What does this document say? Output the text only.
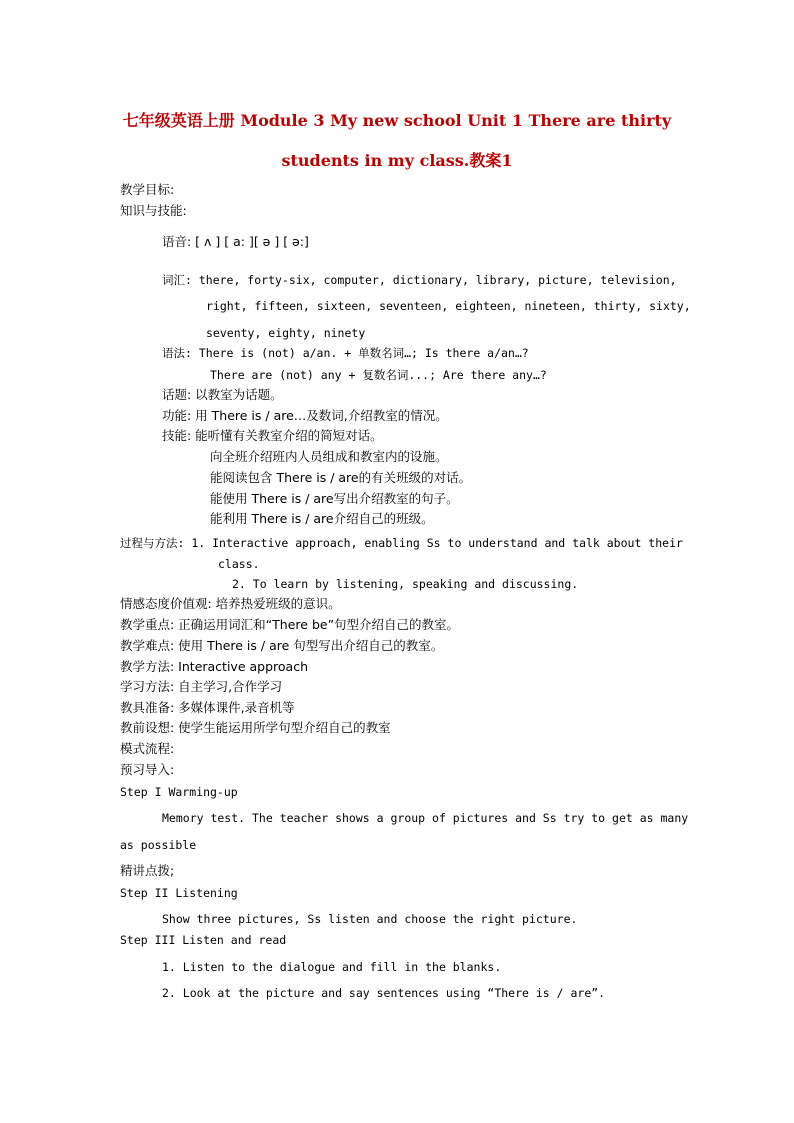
七年级英语上册 Module 3 My new school Unit 1 There are thirty
students in my class.教案1
教学目标:
知识与技能:
语音: [ ʌ ] [ a: ][ ə ] [ ə:]
词汇: there, forty-six, computer, dictionary, library, picture, television,
right, fifteen, sixteen, seventeen, eighteen, nineteen, thirty, sixty,
seventy, eighty, ninety
语法: There is (not) a/an. + 单数名词…; Is there a/an…?
There are (not) any + 复数名词...; Are there any…?
话题: 以教室为话题。
功能: 用 There is / are…及数词,介绍教室的情况。
技能: 能听懂有关教室介绍的简短对话。
向全班介绍班内人员组成和教室内的设施。
能阅读包含 There is / are的有关班级的对话。
能使用 There is / are写出介绍教室的句子。
能利用 There is / are介绍自己的班级。
过程与方法: 1. Interactive approach, enabling Ss to understand and talk about their
class.
2. To learn by listening, speaking and discussing.
情感态度价值观: 培养热爱班级的意识。
教学重点: 正确运用词汇和“There be”句型介绍自己的教室。
教学难点: 使用 There is / are 句型写出介绍自己的教室。
教学方法: Interactive approach
学习方法: 自主学习,合作学习
教具准备: 多媒体课件,录音机等
教前设想: 使学生能运用所学句型介绍自己的教室
模式流程:
预习导入:
Step I Warming-up
Memory test. The teacher shows a group of pictures and Ss try to get as many
as possible
精讲点拨;
Step II Listening
Show three pictures, Ss listen and choose the right picture.
Step III Listen and read
1. Listen to the dialogue and fill in the blanks.
2. Look at the picture and say sentences using “There is / are”.
